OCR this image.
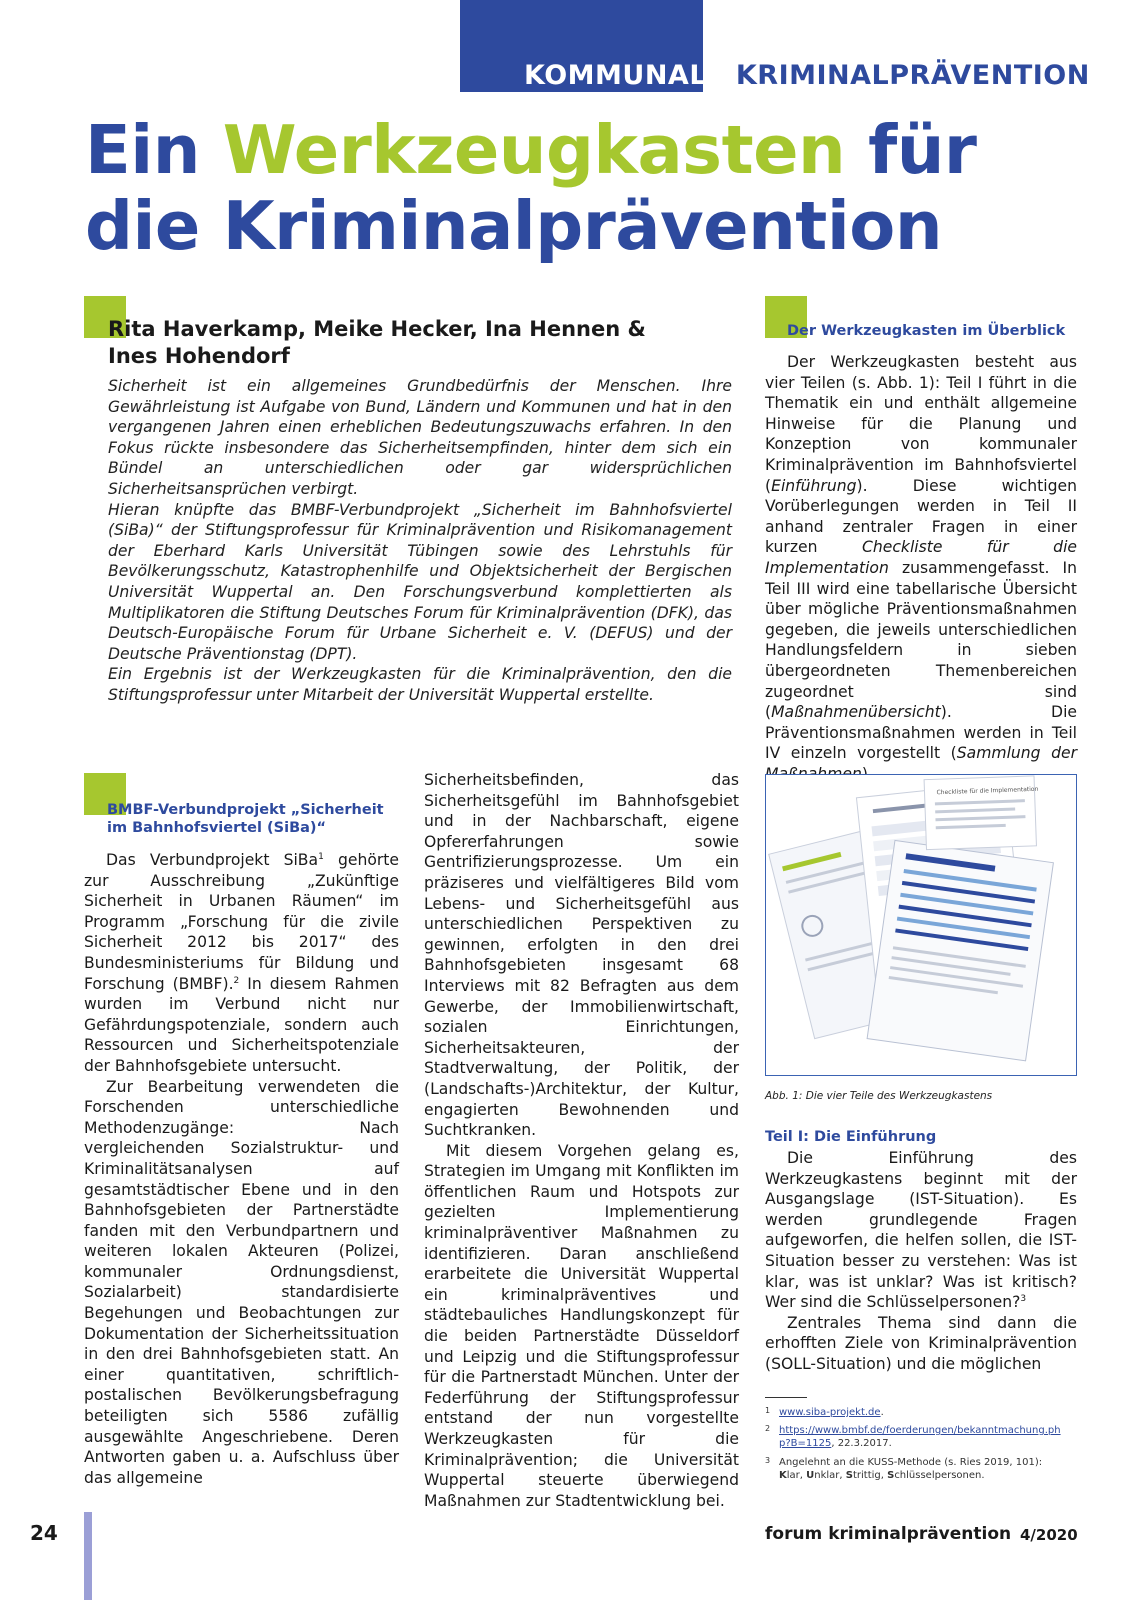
KOMMUNALE KRIMINALPRÄVENTION
Ein Werkzeugkasten für
die Kriminalprävention
Rita Haverkamp, Meike Hecker, Ina Hennen &
Ines Hohendorf

Sicherheit ist ein allgemeines Grundbedürfnis der Menschen. Ihre Gewährleistung ist Aufgabe von Bund, Ländern und Kommunen und hat in den vergangenen Jahren einen erheblichen Bedeutungszuwachs erfahren. In den Fokus rückte insbesondere das Sicherheitsempfinden, hinter dem sich ein Bündel an unterschiedlichen oder gar widersprüchlichen Sicherheitsansprüchen verbirgt.

Hieran knüpfte das BMBF-Verbundprojekt „Sicherheit im Bahnhofsviertel (SiBa)“ der Stiftungsprofessur für Kriminalprävention und Risikomanagement der Eberhard Karls Universität Tübingen sowie des Lehrstuhls für Bevölkerungsschutz, Katastrophenhilfe und Objektsicherheit der Bergischen Universität Wuppertal an. Den Forschungsverbund komplettierten als Multiplikatoren die Stiftung Deutsches Forum für Kriminalprävention (DFK), das Deutsch-Europäische Forum für Urbane Sicherheit e. V. (DEFUS) und der Deutsche Präventionstag (DPT).

Ein Ergebnis ist der Werkzeugkasten für die Kriminalprävention, den die Stiftungsprofessur unter Mitarbeit der Universität Wuppertal erstellte.

Der Werkzeugkasten im Überblick

Der Werkzeugkasten besteht aus vier Teilen (s. Abb. 1): Teil I führt in die Thematik ein und enthält allgemeine Hinweise für die Planung und Konzeption von kommunaler Kriminalprävention im Bahnhofsviertel (Einführung). Diese wichtigen Vorüberlegungen werden in Teil II anhand zentraler Fragen in einer kurzen Checkliste für die Implementation zusammengefasst. In Teil III wird eine tabellarische Übersicht über mögliche Präventionsmaßnahmen gegeben, die jeweils unterschiedlichen Handlungsfeldern in sieben übergeordneten Themenbereichen zugeordnet sind (Maßnahmenübersicht). Die Präventionsmaßnahmen werden in Teil IV einzeln vorgestellt (Sammlung der

Checkliste für die Implementation
Abb. 1: Die vier Teile des Werkzeugkastens
Teil I: Die Einführung

Die Einführung des Werkzeugkastens beginnt mit der Ausgangslage (IST-Situation). Es werden grundlegende Fragen aufgeworfen, die helfen sollen, die IST-Situation besser zu verstehen: Was ist klar, was ist unklar? Was ist kritisch? Wer sind die Schlüsselpersonen?$^3$

Zentrales Thema sind dann die erhofften Ziele von Kriminalprävention (SOLL-Situation) und die möglichen

BMBF-Verbundprojekt „Sicherheit
im Bahnhofsviertel (SiBa)“

Das Verbundprojekt SiBa$^1$ gehörte zur Ausschreibung „Zukünftige Sicherheit in Urbanen Räumen“ im Programm „Forschung für die zivile Sicherheit 2012 bis 2017“ des Bundesministeriums für Bildung und Forschung (BMBF).$^2$ In diesem Rahmen wurden im Verbund nicht nur Gefährdungspotenziale, sondern auch Ressourcen und Sicherheitspotenziale der Bahnhofsgebiete untersucht.

Zur Bearbeitung verwendeten die Forschenden unterschiedliche Methodenzugänge: Nach vergleichenden Sozialstruktur- und Kriminalitätsanalysen auf gesamtstädtischer Ebene und in den Bahnhofsgebieten der Partnerstädte fanden mit den Verbundpartnern und weiteren lokalen Akteuren (Polizei, kommunaler Ordnungsdienst, Sozialarbeit) standardisierte Begehungen und Beobachtungen zur Dokumentation der Sicherheitssituation in den drei Bahnhofsgebieten statt. An einer quantitativen, schriftlich-postalischen Bevölkerungsbefragung beteiligten sich 5586 zufällig ausgewählte Angeschriebene. Deren Antworten gaben u. a. Aufschluss über das allgemeine

Sicherheitsbefinden, das Sicherheitsgefühl im Bahnhofsgebiet und in der Nachbarschaft, eigene Opfererfahrungen sowie Gentrifizierungsprozesse. Um ein präziseres und vielfältigeres Bild vom Lebens- und Sicherheitsgefühl aus unterschiedlichen Perspektiven zu gewinnen, erfolgten in den drei Bahnhofsgebieten insgesamt 68 Interviews mit 82 Befragten aus dem Gewerbe, der Immobilienwirtschaft, sozialen Einrichtungen, Sicherheitsakteuren, der Stadtverwaltung, der Politik, der (Landschafts-)Architektur, der Kultur, engagierten Bewohnenden und Suchtkranken.

Mit diesem Vorgehen gelang es, Strategien im Umgang mit Konflikten im öffentlichen Raum und Hotspots zur gezielten Implementierung kriminalpräventiver Maßnahmen zu identifizieren. Daran anschließend erarbeitete die Universität Wuppertal ein kriminalpräventives und städtebauliches Handlungskonzept für die beiden Partnerstädte Düsseldorf und Leipzig und die Stiftungsprofessur für die Partnerstadt München. Unter der Federführung der Stiftungsprofessur entstand der nun vorgestellte Werkzeugkasten für die Kriminalprävention; die Universität Wuppertal steuerte überwiegend Maßnahmen zur Stadtentwicklung bei.

1 www.siba-projekt.de.
2 https://www.bmbf.de/foerderungen/bekanntmachung.php?B=1125, 22.3.2017.
3 Angelehnt an die KUSS-Methode (s. Ries 2019, 101): Klar, Unklar, Strittig, Schlüsselpersonen.
24	forum kriminalprävention 4/2020
